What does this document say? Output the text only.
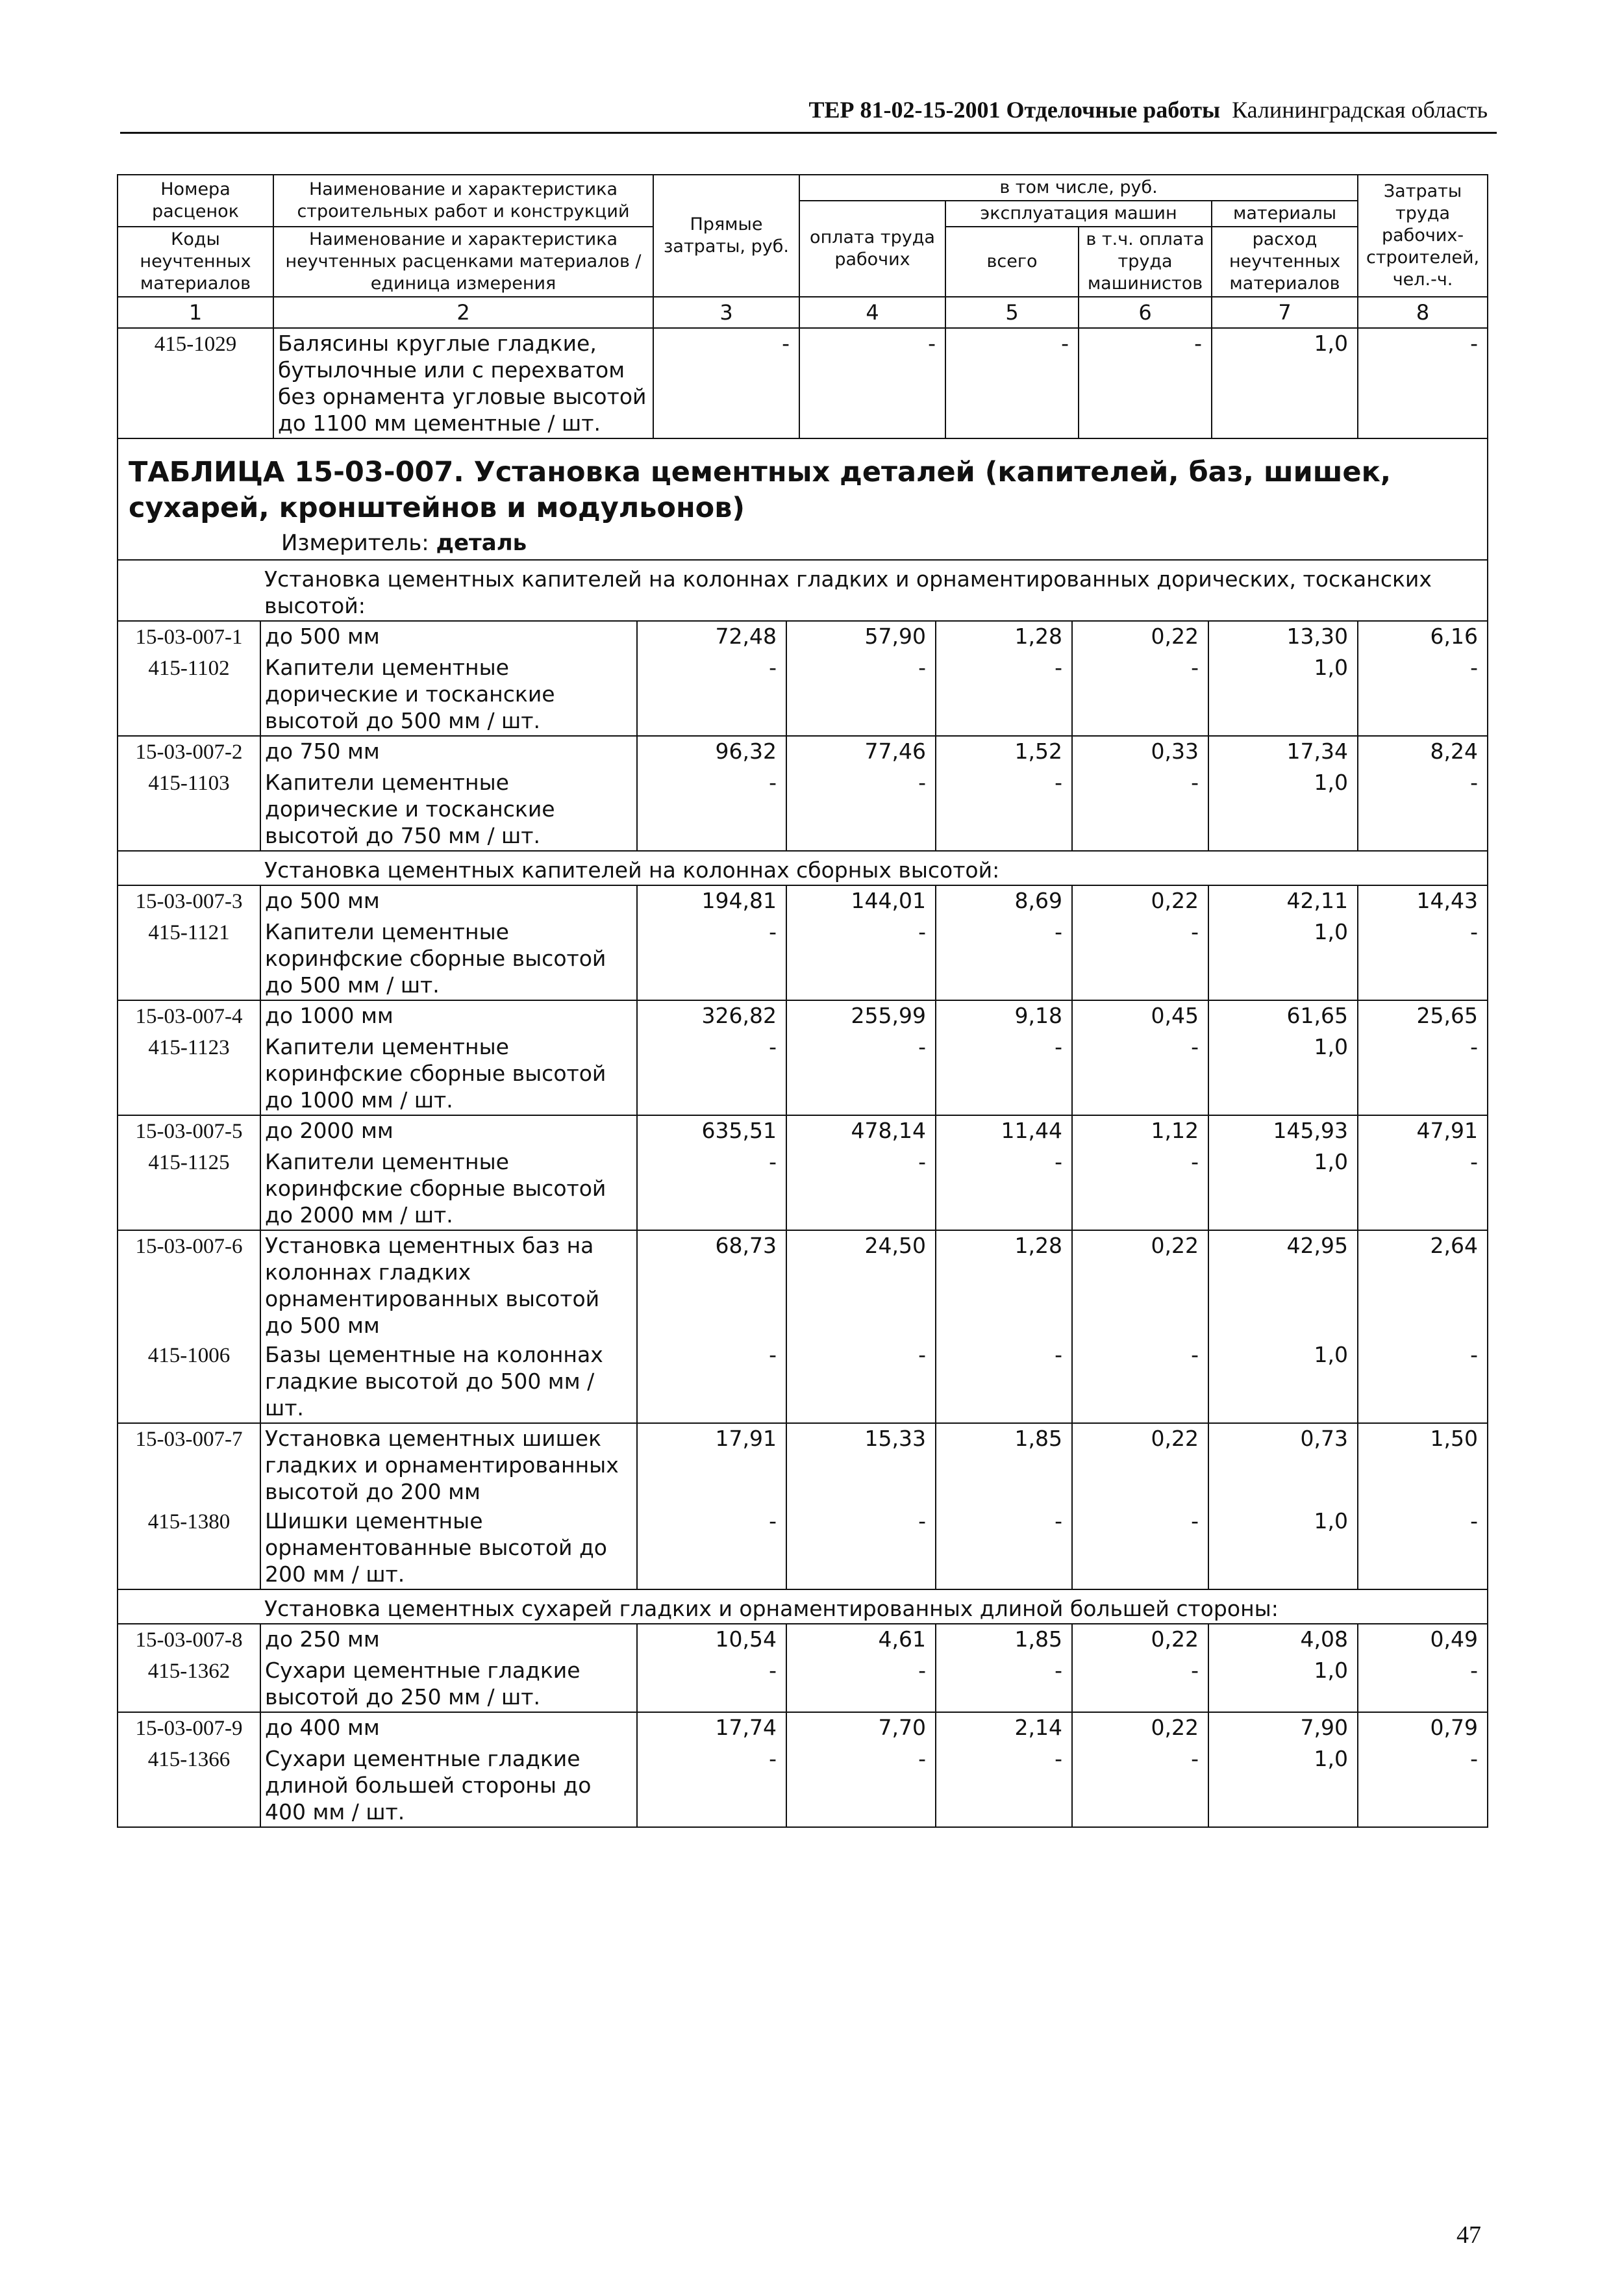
ТЕР 81-02-15-2001 Отделочные работы Калининградская область
Номера расценок	Наименование и характеристика строительных работ и конструкций	Прямые затраты, руб.	в том числе, руб.				Затраты труда рабочих-строителей, чел.-ч.
			оплата труда рабочих	эксплуатация машин		материалы	
Коды неучтенных материалов	Наименование и характеристика неучтенных расценками материалов / единица измерения			всего	в т.ч. оплата труда машинистов	расход неучтенных материалов	

1	2	3	4	5	6	7	8
415-1029	Балясины круглые гладкие, бутылочные или с перехватом без орнамента угловые высотой до 1100 мм цементные / шт.	-	-	-	-	1,0	-
ТАБЛИЦА 15-03-007. Установка цементных деталей (капителей, баз, шишек, сухарей, кронштейнов и модульонов)
Измеритель: деталь							

	Установка цементных капителей на колоннах гладких и орнаментированных дорических, тосканских высотой:						
15-03-007-1	до 500 мм	72,48	57,90	1,28	0,22	13,30	6,16
415-1102	Капители цементные дорические и тосканские высотой до 500 мм / шт.	-	-	-	-	1,0	-
15-03-007-2	до 750 мм	96,32	77,46	1,52	0,33	17,34	8,24
415-1103	Капители цементные дорические и тосканские высотой до 750 мм / шт.	-	-	-	-	1,0	-
	Установка цементных капителей на колоннах сборных высотой:						
15-03-007-3	до 500 мм	194,81	144,01	8,69	0,22	42,11	14,43
415-1121	Капители цементные коринфские сборные высотой до 500 мм / шт.	-	-	-	-	1,0	-
15-03-007-4	до 1000 мм	326,82	255,99	9,18	0,45	61,65	25,65
415-1123	Капители цементные коринфские сборные высотой до 1000 мм / шт.	-	-	-	-	1,0	-
15-03-007-5	до 2000 мм	635,51	478,14	11,44	1,12	145,93	47,91
415-1125	Капители цементные коринфские сборные высотой до 2000 мм / шт.	-	-	-	-	1,0	-
15-03-007-6	Установка цементных баз на колоннах гладких орнаментированных высотой до 500 мм	68,73	24,50	1,28	0,22	42,95	2,64
415-1006	Базы цементные на колоннах гладкие высотой до 500 мм / шт.	-	-	-	-	1,0	-
15-03-007-7	Установка цементных шишек гладких и орнаментированных высотой до 200 мм	17,91	15,33	1,85	0,22	0,73	1,50
415-1380	Шишки цементные орнаментованные высотой до 200 мм / шт.	-	-	-	-	1,0	-
	Установка цементных сухарей гладких и орнаментированных длиной большей стороны:						
15-03-007-8	до 250 мм	10,54	4,61	1,85	0,22	4,08	0,49
415-1362	Сухари цементные гладкие высотой до 250 мм / шт.	-	-	-	-	1,0	-
15-03-007-9	до 400 мм	17,74	7,70	2,14	0,22	7,90	0,79
415-1366	Сухари цементные гладкие длиной большей стороны до 400 мм / шт.	-	-	-	-	1,0	-
47
